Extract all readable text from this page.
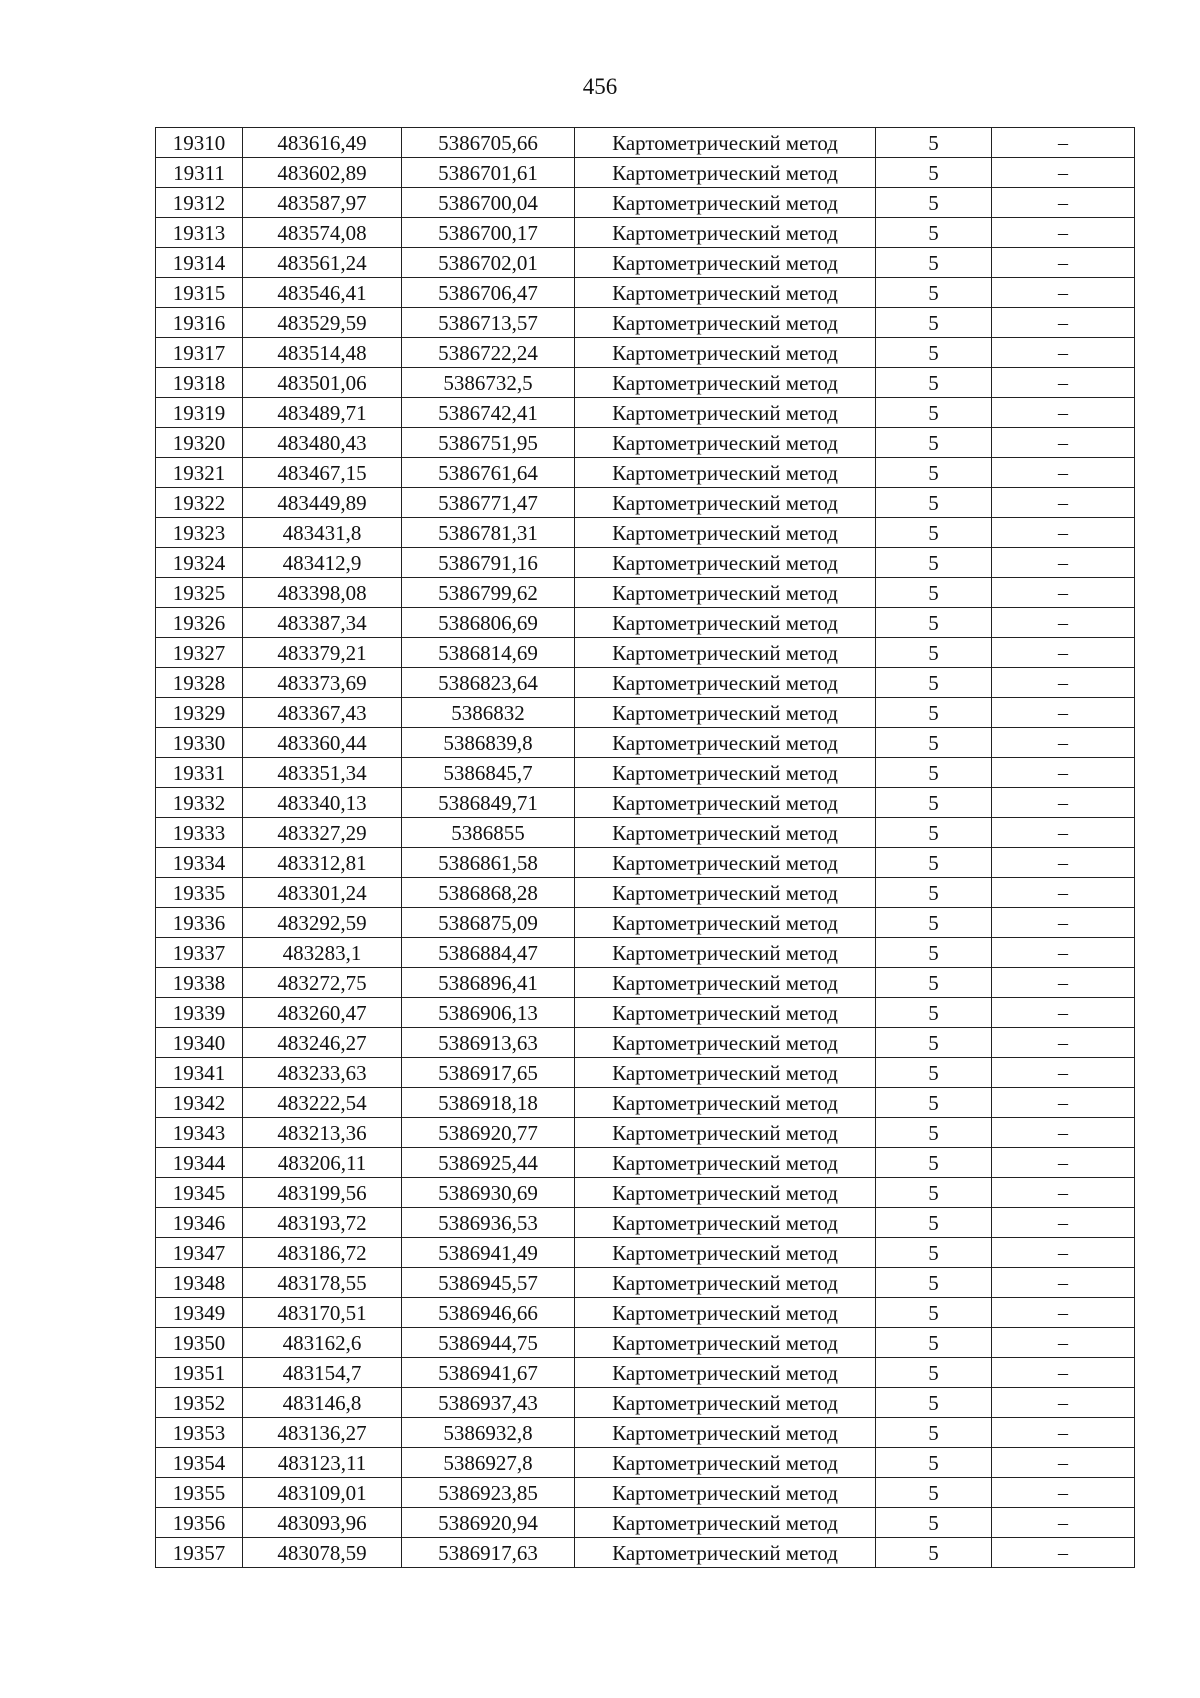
456
19310	483616,49	5386705,66	Картометрический метод	5	–
19311	483602,89	5386701,61	Картометрический метод	5	–
19312	483587,97	5386700,04	Картометрический метод	5	–
19313	483574,08	5386700,17	Картометрический метод	5	–
19314	483561,24	5386702,01	Картометрический метод	5	–
19315	483546,41	5386706,47	Картометрический метод	5	–
19316	483529,59	5386713,57	Картометрический метод	5	–
19317	483514,48	5386722,24	Картометрический метод	5	–
19318	483501,06	5386732,5	Картометрический метод	5	–
19319	483489,71	5386742,41	Картометрический метод	5	–
19320	483480,43	5386751,95	Картометрический метод	5	–
19321	483467,15	5386761,64	Картометрический метод	5	–
19322	483449,89	5386771,47	Картометрический метод	5	–
19323	483431,8	5386781,31	Картометрический метод	5	–
19324	483412,9	5386791,16	Картометрический метод	5	–
19325	483398,08	5386799,62	Картометрический метод	5	–
19326	483387,34	5386806,69	Картометрический метод	5	–
19327	483379,21	5386814,69	Картометрический метод	5	–
19328	483373,69	5386823,64	Картометрический метод	5	–
19329	483367,43	5386832	Картометрический метод	5	–
19330	483360,44	5386839,8	Картометрический метод	5	–
19331	483351,34	5386845,7	Картометрический метод	5	–
19332	483340,13	5386849,71	Картометрический метод	5	–
19333	483327,29	5386855	Картометрический метод	5	–
19334	483312,81	5386861,58	Картометрический метод	5	–
19335	483301,24	5386868,28	Картометрический метод	5	–
19336	483292,59	5386875,09	Картометрический метод	5	–
19337	483283,1	5386884,47	Картометрический метод	5	–
19338	483272,75	5386896,41	Картометрический метод	5	–
19339	483260,47	5386906,13	Картометрический метод	5	–
19340	483246,27	5386913,63	Картометрический метод	5	–
19341	483233,63	5386917,65	Картометрический метод	5	–
19342	483222,54	5386918,18	Картометрический метод	5	–
19343	483213,36	5386920,77	Картометрический метод	5	–
19344	483206,11	5386925,44	Картометрический метод	5	–
19345	483199,56	5386930,69	Картометрический метод	5	–
19346	483193,72	5386936,53	Картометрический метод	5	–
19347	483186,72	5386941,49	Картометрический метод	5	–
19348	483178,55	5386945,57	Картометрический метод	5	–
19349	483170,51	5386946,66	Картометрический метод	5	–
19350	483162,6	5386944,75	Картометрический метод	5	–
19351	483154,7	5386941,67	Картометрический метод	5	–
19352	483146,8	5386937,43	Картометрический метод	5	–
19353	483136,27	5386932,8	Картометрический метод	5	–
19354	483123,11	5386927,8	Картометрический метод	5	–
19355	483109,01	5386923,85	Картометрический метод	5	–
19356	483093,96	5386920,94	Картометрический метод	5	–
19357	483078,59	5386917,63	Картометрический метод	5	–
